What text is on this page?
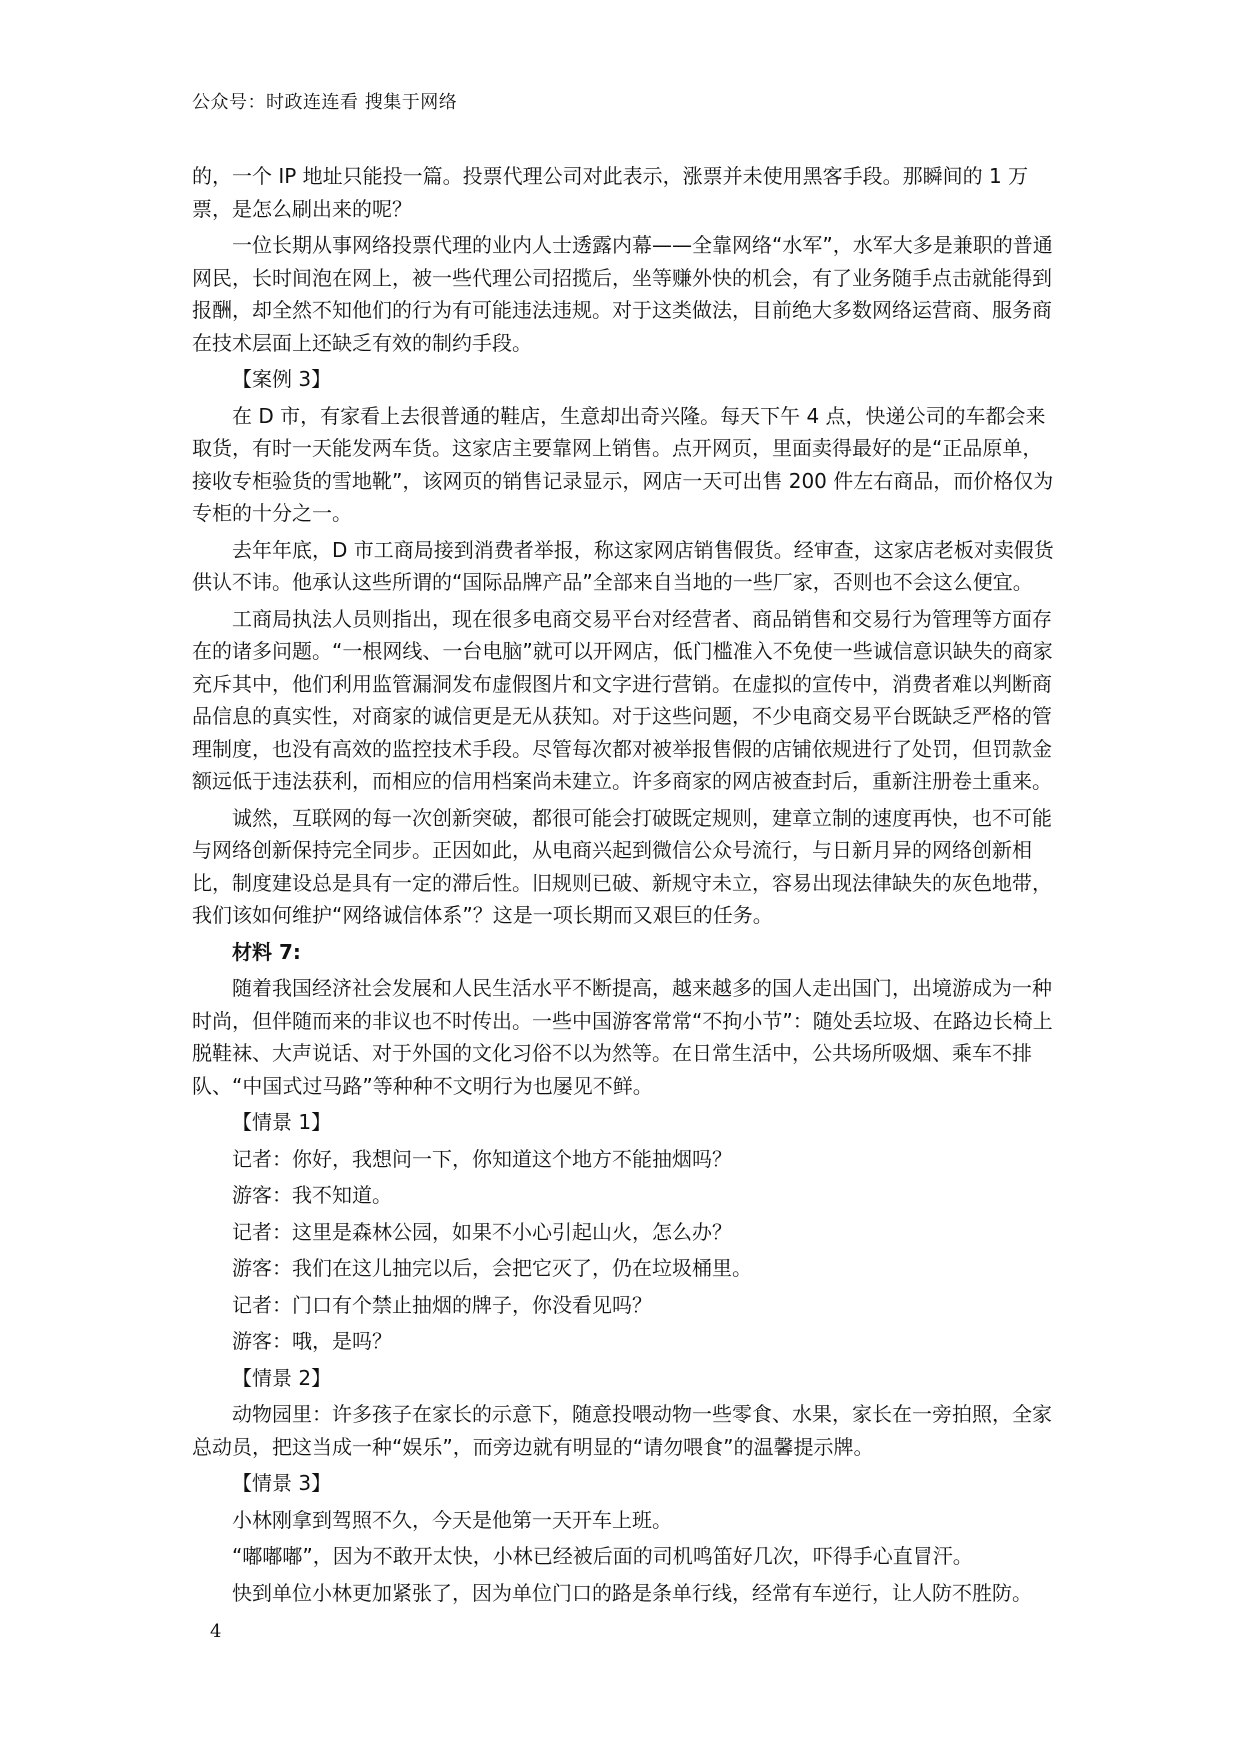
公众号：时政连连看 搜集于网络

的，一个 IP 地址只能投一篇。投票代理公司对此表示，涨票并未使用黑客手段。那瞬间的 1 万票，是怎么刷出来的呢？

一位长期从事网络投票代理的业内人士透露内幕——全靠网络“水军”，水军大多是兼职的普通网民，长时间泡在网上，被一些代理公司招揽后，坐等赚外快的机会，有了业务随手点击就能得到报酬，却全然不知他们的行为有可能违法违规。对于这类做法，目前绝大多数网络运营商、服务商在技术层面上还缺乏有效的制约手段。

【案例 3】

在 D 市，有家看上去很普通的鞋店，生意却出奇兴隆。每天下午 4 点，快递公司的车都会来取货，有时一天能发两车货。这家店主要靠网上销售。点开网页，里面卖得最好的是“正品原单，接收专柜验货的雪地靴”，该网页的销售记录显示，网店一天可出售 200 件左右商品，而价格仅为专柜的十分之一。

去年年底，D 市工商局接到消费者举报，称这家网店销售假货。经审查，这家店老板对卖假货供认不讳。他承认这些所谓的“国际品牌产品”全部来自当地的一些厂家，否则也不会这么便宜。

工商局执法人员则指出，现在很多电商交易平台对经营者、商品销售和交易行为管理等方面存在的诸多问题。“一根网线、一台电脑”就可以开网店，低门槛准入不免使一些诚信意识缺失的商家充斥其中，他们利用监管漏洞发布虚假图片和文字进行营销。在虚拟的宣传中，消费者难以判断商品信息的真实性，对商家的诚信更是无从获知。对于这些问题，不少电商交易平台既缺乏严格的管理制度，也没有高效的监控技术手段。尽管每次都对被举报售假的店铺依规进行了处罚，但罚款金额远低于违法获利，而相应的信用档案尚未建立。许多商家的网店被查封后，重新注册卷土重来。

诚然，互联网的每一次创新突破，都很可能会打破既定规则，建章立制的速度再快，也不可能与网络创新保持完全同步。正因如此，从电商兴起到微信公众号流行，与日新月异的网络创新相比，制度建设总是具有一定的滞后性。旧规则已破、新规守未立，容易出现法律缺失的灰色地带，我们该如何维护“网络诚信体系”？这是一项长期而又艰巨的任务。

材料 7:

随着我国经济社会发展和人民生活水平不断提高，越来越多的国人走出国门，出境游成为一种时尚，但伴随而来的非议也不时传出。一些中国游客常常“不拘小节”：随处丢垃圾、在路边长椅上脱鞋袜、大声说话、对于外国的文化习俗不以为然等。在日常生活中，公共场所吸烟、乘车不排队、“中国式过马路”等种种不文明行为也屡见不鲜。

【情景 1】

记者：你好，我想问一下，你知道这个地方不能抽烟吗？

游客：我不知道。

记者：这里是森林公园，如果不小心引起山火，怎么办？

游客：我们在这儿抽完以后，会把它灭了，仍在垃圾桶里。

记者：门口有个禁止抽烟的牌子，你没看见吗？

游客：哦，是吗？

【情景 2】

动物园里：许多孩子在家长的示意下，随意投喂动物一些零食、水果，家长在一旁拍照，全家总动员，把这当成一种“娱乐”，而旁边就有明显的“请勿喂食”的温馨提示牌。

【情景 3】

小林刚拿到驾照不久，今天是他第一天开车上班。

“嘟嘟嘟”，因为不敢开太快，小林已经被后面的司机鸣笛好几次，吓得手心直冒汗。

快到单位小林更加紧张了，因为单位门口的路是条单行线，经常有车逆行，让人防不胜防。

4
